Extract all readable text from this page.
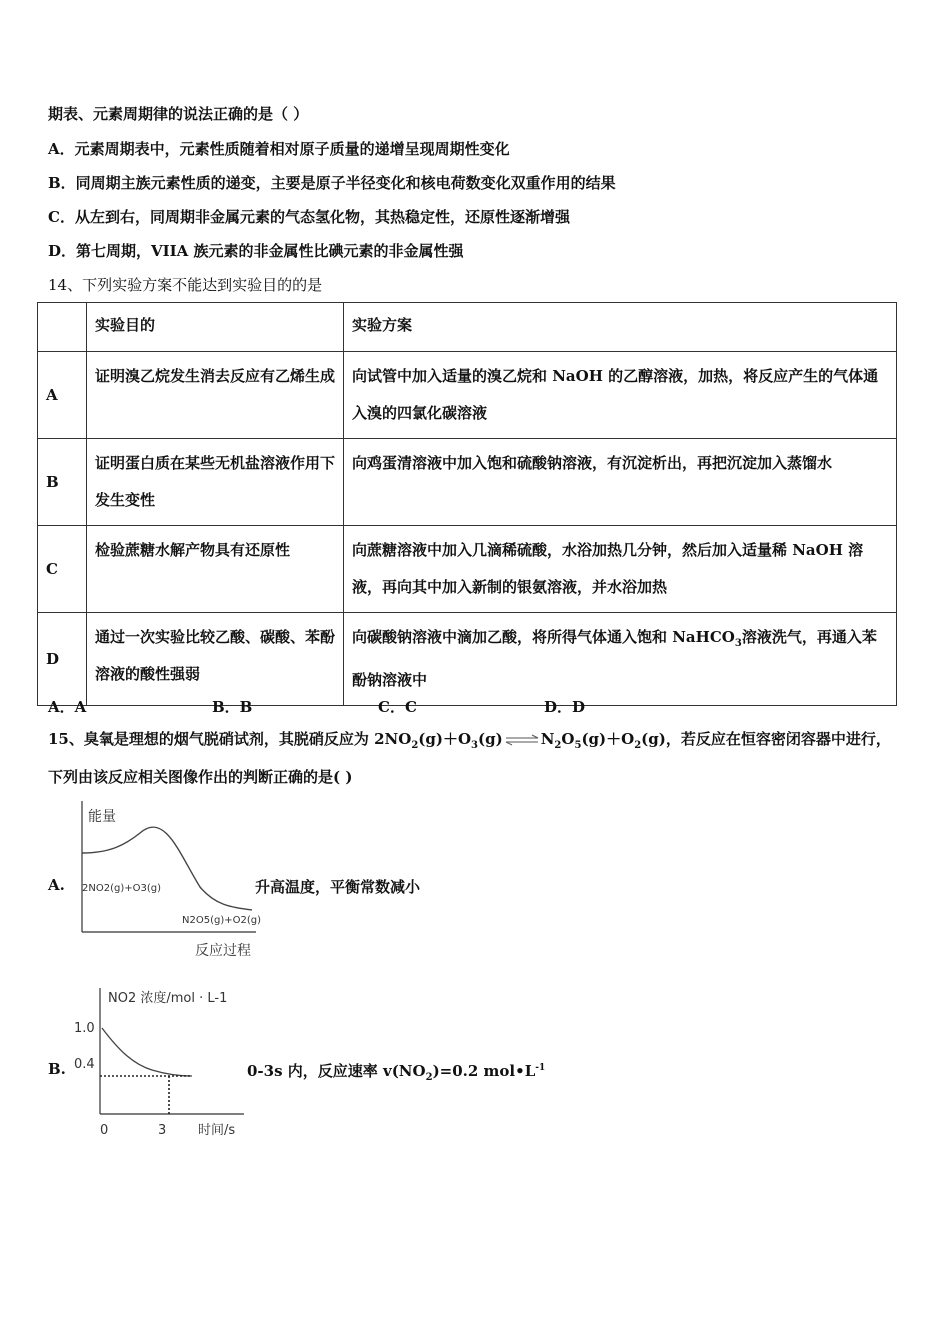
期表、元素周期律的说法正确的是（ ）
A．元素周期表中，元素性质随着相对原子质量的递增呈现周期性变化
B．同周期主族元素性质的递变，主要是原子半径变化和核电荷数变化双重作用的结果
C．从左到右，同周期非金属元素的气态氢化物，其热稳定性，还原性逐渐增强
D．第七周期，VIIA 族元素的非金属性比碘元素的非金属性强
14、下列实验方案不能达到实验目的的是
	实验目的	实验方案
A	证明溴乙烷发生消去反应有乙烯生成	向试管中加入适量的溴乙烷和 NaOH 的乙醇溶液，加热，将反应产生的气体通入溴的四氯化碳溶液
B	证明蛋白质在某些无机盐溶液作用下发生变性	向鸡蛋清溶液中加入饱和硫酸钠溶液，有沉淀析出，再把沉淀加入蒸馏水
C	检验蔗糖水解产物具有还原性	向蔗糖溶液中加入几滴稀硫酸，水浴加热几分钟，然后加入适量稀 NaOH 溶液，再向其中加入新制的银氨溶液，并水浴加热
D	通过一次实验比较乙酸、碳酸、苯酚溶液的酸性强弱	向碳酸钠溶液中滴加乙酸，将所得气体通入饱和 NaHCO$_3$溶液洗气，再通入苯酚钠溶液中
A．A	B．B	C．C	D．D
15、臭氧是理想的烟气脱硝试剂，其脱硝反应为 $2NO_2(g)+O_3(g)\rightleftharpoons N_2O_5(g)+O_2(g)$，若反应在恒容密闭容器中进行，
下列由该反应相关图像作出的判断正确的是( )
A.
能量
2NO2(g)+O3(g)
N2O5(g)+O2(g)
反应过程
升高温度，平衡常数减小
B.
NO2 浓度/mol · L-1
1.0
0.4
0	3 时间/s
0-3s 内，反应速率 $v(NO_2)=0.2$ $mol•L^{-1}$
